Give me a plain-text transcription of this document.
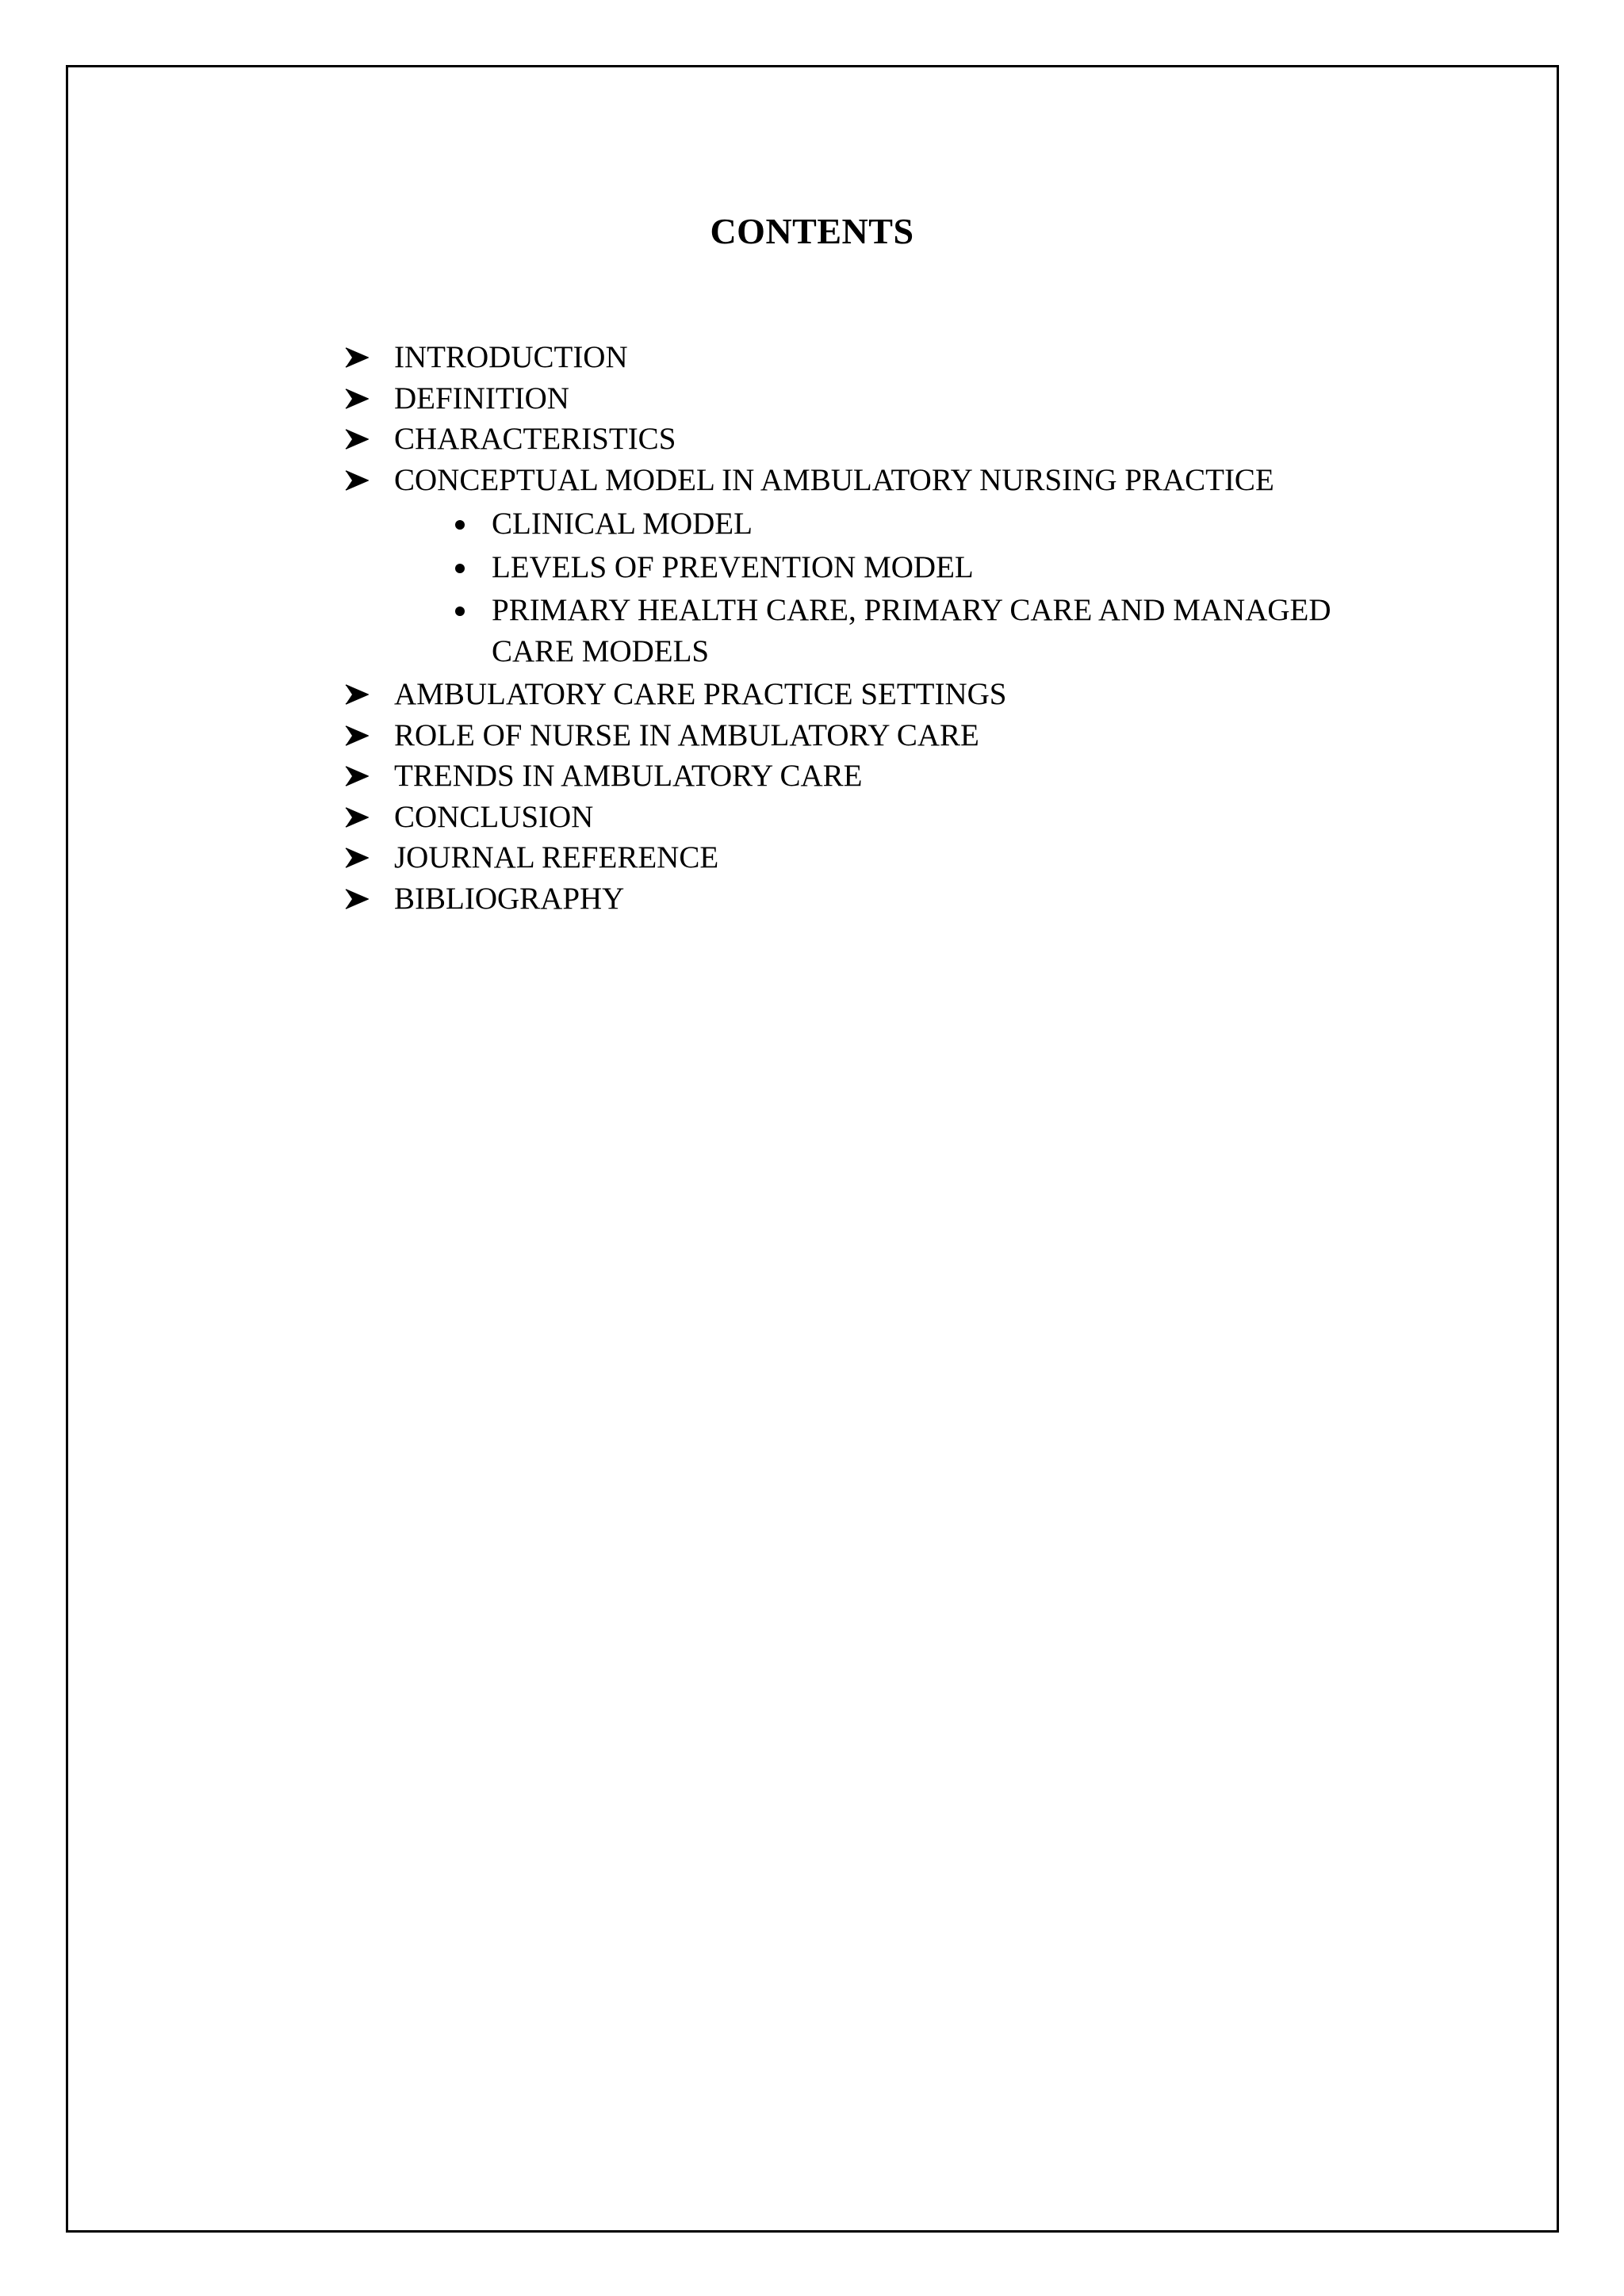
CONTENTS
INTRODUCTION
DEFINITION
CHARACTERISTICS
CONCEPTUAL MODEL IN AMBULATORY NURSING PRACTICE
CLINICAL MODEL
LEVELS OF PREVENTION MODEL
PRIMARY HEALTH CARE, PRIMARY CARE AND MANAGED CARE MODELS
AMBULATORY CARE PRACTICE SETTINGS
ROLE OF NURSE IN AMBULATORY CARE
TRENDS IN AMBULATORY CARE
CONCLUSION
JOURNAL REFERENCE
BIBLIOGRAPHY
